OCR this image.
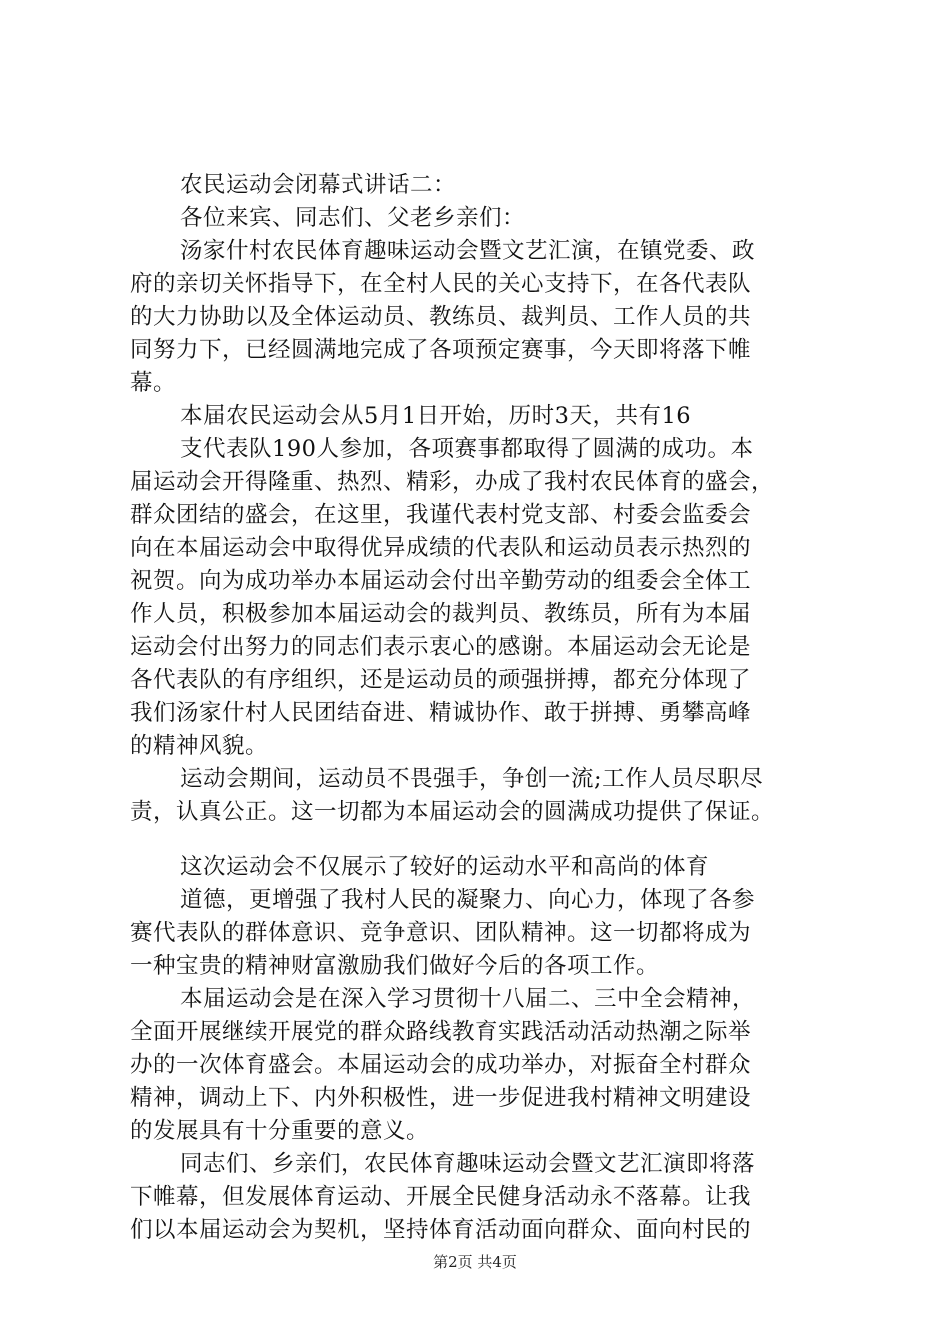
农民运动会闭幕式讲话二：
各位来宾、同志们、父老乡亲们：
汤家什村农民体育趣味运动会暨文艺汇演，在镇党委、政
府的亲切关怀指导下，在全村人民的关心支持下，在各代表队
的大力协助以及全体运动员、教练员、裁判员、工作人员的共
同努力下，已经圆满地完成了各项预定赛事，今天即将落下帷
幕。
本届农民运动会从5月1日开始，历时3天，共有16
支代表队190人参加，各项赛事都取得了圆满的成功。本
届运动会开得隆重、热烈、精彩，办成了我村农民体育的盛会，
群众团结的盛会，在这里，我谨代表村党支部、村委会监委会
向在本届运动会中取得优异成绩的代表队和运动员表示热烈的
祝贺。向为成功举办本届运动会付出辛勤劳动的组委会全体工
作人员，积极参加本届运动会的裁判员、教练员，所有为本届
运动会付出努力的同志们表示衷心的感谢。本届运动会无论是
各代表队的有序组织，还是运动员的顽强拼搏，都充分体现了
我们汤家什村人民团结奋进、精诚协作、敢于拼搏、勇攀高峰
的精神风貌。
运动会期间，运动员不畏强手，争创一流;工作人员尽职尽
责，认真公正。这一切都为本届运动会的圆满成功提供了保证。
这次运动会不仅展示了较好的运动水平和高尚的体育
道德，更增强了我村人民的凝聚力、向心力，体现了各参
赛代表队的群体意识、竞争意识、团队精神。这一切都将成为
一种宝贵的精神财富激励我们做好今后的各项工作。
本届运动会是在深入学习贯彻十八届二、三中全会精神，
全面开展继续开展党的群众路线教育实践活动活动热潮之际举
办的一次体育盛会。本届运动会的成功举办，对振奋全村群众
精神，调动上下、内外积极性，进一步促进我村精神文明建设
的发展具有十分重要的意义。
同志们、乡亲们，农民体育趣味运动会暨文艺汇演即将落
下帷幕，但发展体育运动、开展全民健身活动永不落幕。让我
们以本届运动会为契机，坚持体育活动面向群众、面向村民的
第2页 共4页
